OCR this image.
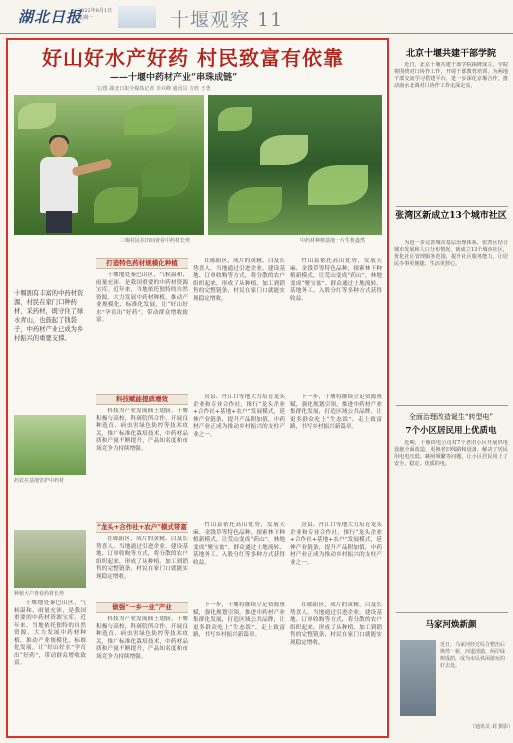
湖北日报
2022年8月1日
星期一	十堰观察 11
好山好水产好药 村民致富有依靠
——十堰中药材产业“串珠成链”
文/图 湖北日报全媒体记者 李兵峰 通讯员 吉欣 王勇
三堰村民在田间查看中药材长势	中药材种植基地一片生机盎然
打造特色药材规模化种植
十堰拥有丰富的中药材资源，村民在家门口种药材、采药材，既守住了绿水青山，也鼓起了钱袋子，中药材产业已成为乡村振兴的重要支撑。

十堰地处秦巴山区，气候温和，雨量充沛，是我国重要的中药材资源宝库。近年来，当地依托独特的自然资源，大力发展中药材种植，推动产业规模化、标准化发展，让“好山好水”孕育出“好药”，带动群众增收致富。

在郧阳区，成片的黄精、白及长势喜人。当地通过引进企业、建设基地、订单收购等方式，将分散的农户组织起来，形成了从种植、加工到销售的完整链条，村民在家门口就能实现稳定增收。

竹山县依托高山优势，发展天麻、金钱草等特色品种，探索林下种植新模式，让荒山变成“药山”，林地变成“聚宝盆”。群众通过土地流转、基地务工、入股分红等多种方式获得收益。

科技赋能提质增效

科技为产业发展插上翅膀。十堰积极与高校、科研院所合作，开展良种选育、病虫害绿色防控等技术攻关，推广标准化栽培技术，中药材品质和产量不断提升，产品知名度和市场竞争力持续增强。

药农在基地管护中药材
种植大户查看药材长势

房县、丹江口等地大力培育龙头企业和专业合作社，推行“龙头企业+合作社+基地+农户”发展模式，延伸产业链条，提升产品附加值，中药材产业正成为推动乡村振兴的支柱产业之一。

下一步，十堰将继续立足资源禀赋，强化规划引领，推进中药材产业集群化发展，打造区域公共品牌，让更多群众吃上“生态饭”、走上致富路，书写乡村振兴新篇章。

“龙头+合作社+农户”模式带富

在郧阳区，成片的黄精、白及长势喜人。当地通过引进企业、建设基地、订单收购等方式，将分散的农户组织起来，形成了从种植、加工到销售的完整链条，村民在家门口就能实现稳定增收。

竹山县依托高山优势，发展天麻、金钱草等特色品种，探索林下种植新模式，让荒山变成“药山”，林地变成“聚宝盆”。群众通过土地流转、基地务工、入股分红等多种方式获得收益。

房县、丹江口等地大力培育龙头企业和专业合作社，推行“龙头企业+合作社+基地+农户”发展模式，延伸产业链条，提升产品附加值，中药材产业正成为推动乡村振兴的支柱产业之一。

做强“一乡一业”产业

十堰地处秦巴山区，气候温和，雨量充沛，是我国重要的中药材资源宝库。近年来，当地依托独特的自然资源，大力发展中药材种植，推动产业规模化、标准化发展，让“好山好水”孕育出“好药”，带动群众增收致富。

科技为产业发展插上翅膀。十堰积极与高校、科研院所合作，开展良种选育、病虫害绿色防控等技术攻关，推广标准化栽培技术，中药材品质和产量不断提升，产品知名度和市场竞争力持续增强。

下一步，十堰将继续立足资源禀赋，强化规划引领，推进中药材产业集群化发展，打造区域公共品牌，让更多群众吃上“生态饭”、走上致富路，书写乡村振兴新篇章。

在郧阳区，成片的黄精、白及长势喜人。当地通过引进企业、建设基地、订单收购等方式，将分散的农户组织起来，形成了从种植、加工到销售的完整链条，村民在家门口就能实现稳定增收。

北京十堰共建干部学院

近日，北京十堰共建干部学院揭牌成立。学院将围绕对口协作工作，开展干部教育培训，为两地干部交流学习搭建平台，进一步深化京堰合作，推动南水北调对口协作工作走深走实。

张湾区新成立13个城市社区

为进一步完善城市基层治理体系，张湾区结合城市发展和人口分布情况，新成立13个城市社区，优化社区管理服务范围，提升社区服务能力，让居民办事更便捷、生活更舒心。

全面治理改造诞生“转型电”
7个小区居民用上优质电

近期，十堰供电公司对7个老旧小区开展供电设施全面改造，更换老旧线路和设备，解决了居民用电电压低、跳闸频繁等问题，让小区居民用上了安全、稳定、优质的电。

马家河焕新颜
近日，马家河经过综合整治后焕然一新，河道清澈，两岸绿树成荫，成为市民休闲游玩的好去处。
（通讯员 刘 摄影）
